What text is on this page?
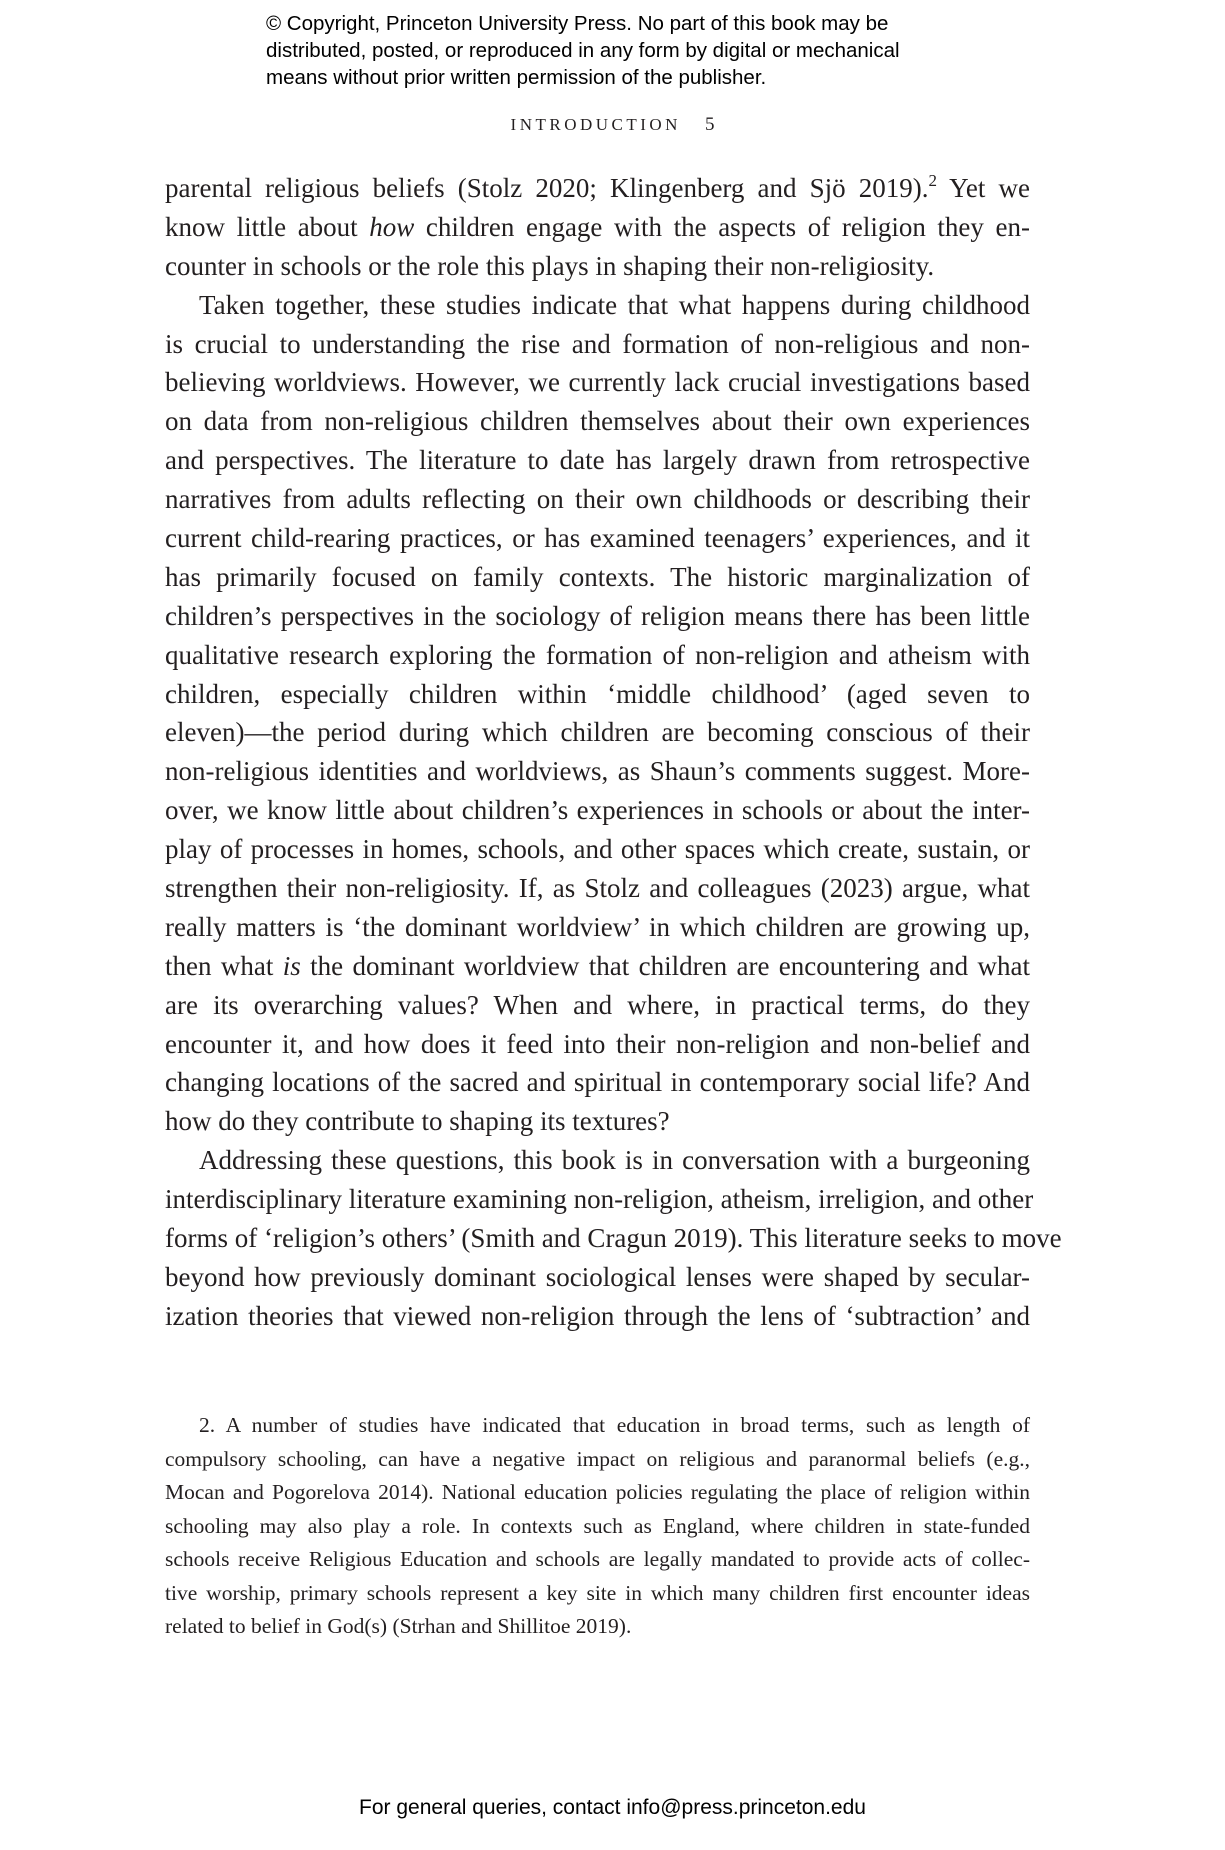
© Copyright, Princeton University Press. No part of this book may be
distributed, posted, or reproduced in any form by digital or mechanical
means without prior written permission of the publisher.
INTRODUCTION 5
parental religious beliefs (Stolz 2020; Klingenberg and Sjö 2019).$^2$ Yet we
know little about how children engage with the aspects of religion they en-
counter in schools or the role this plays in shaping their non-religiosity.
Taken together, these studies indicate that what happens during childhood
is crucial to understanding the rise and formation of non-religious and non-
believing worldviews. However, we currently lack crucial investigations based
on data from non-religious children themselves about their own experiences
and perspectives. The literature to date has largely drawn from retrospective
narratives from adults reflecting on their own childhoods or describing their
current child-rearing practices, or has examined teenagers’ experiences, and it
has primarily focused on family contexts. The historic marginalization of
children’s perspectives in the sociology of religion means there has been little
qualitative research exploring the formation of non-religion and atheism with
children, especially children within ‘middle childhood’ (aged seven to
eleven)—the period during which children are becoming conscious of their
non-religious identities and worldviews, as Shaun’s comments suggest. More-
over, we know little about children’s experiences in schools or about the inter-
play of processes in homes, schools, and other spaces which create, sustain, or
strengthen their non-religiosity. If, as Stolz and colleagues (2023) argue, what
really matters is ‘the dominant worldview’ in which children are growing up,
then what is the dominant worldview that children are encountering and what
are its overarching values? When and where, in practical terms, do they
encounter it, and how does it feed into their non-religion and non-belief and
changing locations of the sacred and spiritual in contemporary social life? And
how do they contribute to shaping its textures?
Addressing these questions, this book is in conversation with a burgeoning
interdisciplinary literature examining non-religion, atheism, irreligion, and other
forms of ‘religion’s others’ (Smith and Cragun 2019). This literature seeks to move
beyond how previously dominant sociological lenses were shaped by secular-
ization theories that viewed non-religion through the lens of ‘subtraction’ and
2. A number of studies have indicated that education in broad terms, such as length of
compulsory schooling, can have a negative impact on religious and paranormal beliefs (e.g.,
Mocan and Pogorelova 2014). National education policies regulating the place of religion within
schooling may also play a role. In contexts such as England, where children in state-funded
schools receive Religious Education and schools are legally mandated to provide acts of collec-
tive worship, primary schools represent a key site in which many children first encounter ideas
related to belief in God(s) (Strhan and Shillitoe 2019).
For general queries, contact info@press.princeton.edu
